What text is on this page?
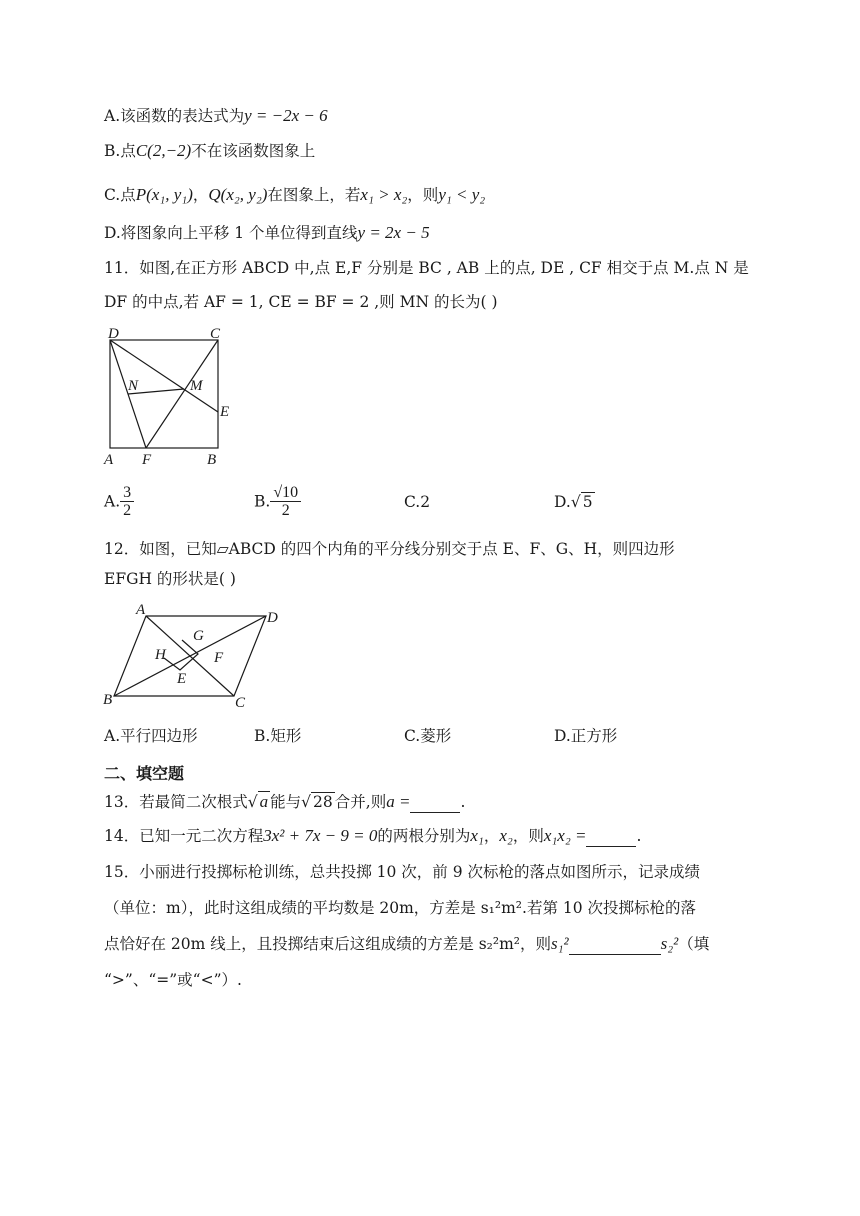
A.该函数的表达式为y = −2x − 6
B.点C(2,−2)不在该函数图象上
C.点P(x₁, y₁)，Q(x₂, y₂)在图象上，若x₁ > x₂，则y₁ < y₂
D.将图象向上平移 1 个单位得到直线y = 2x − 5
11．如图,在正方形 ABCD 中,点 E,F 分别是 BC , AB 上的点, DE , CF 相交于点 M.点 N 是
DF 的中点,若 AF = 1, CE = BF = 2 ,则 MN 的长为( )
D	C
N	M
E
A F	B
A. $\frac{3}{2}$	B. $\frac{√10}{2}$	C.2	D.√ 5
12．如图，已知▱ABCD 的四个内角的平分线分别交于点 E、F、G、H，则四边形
EFGH 的形状是( )
A	D
G
H	F
E
B	C
A.平行四边形	B.矩形	C.菱形	D.正方形
二、填空题
13．若最简二次根式√ a 能与√ 28 合并,则a =	.
14．已知一元二次方程3x² + 7x − 9 = 0的两根分别为x₁，x₂，则x₁x₂ =	.
15．小丽进行投掷标枪训练，总共投掷 10 次，前 9 次标枪的落点如图所示，记录成绩
（单位：m），此时这组成绩的平均数是 20m，方差是 s₁²m².若第 10 次投掷标枪的落
点恰好在 20m 线上，且投掷结束后这组成绩的方差是 s₂²m²，则s₁²	s₂²（填
“>”、“=”或“<”）.
